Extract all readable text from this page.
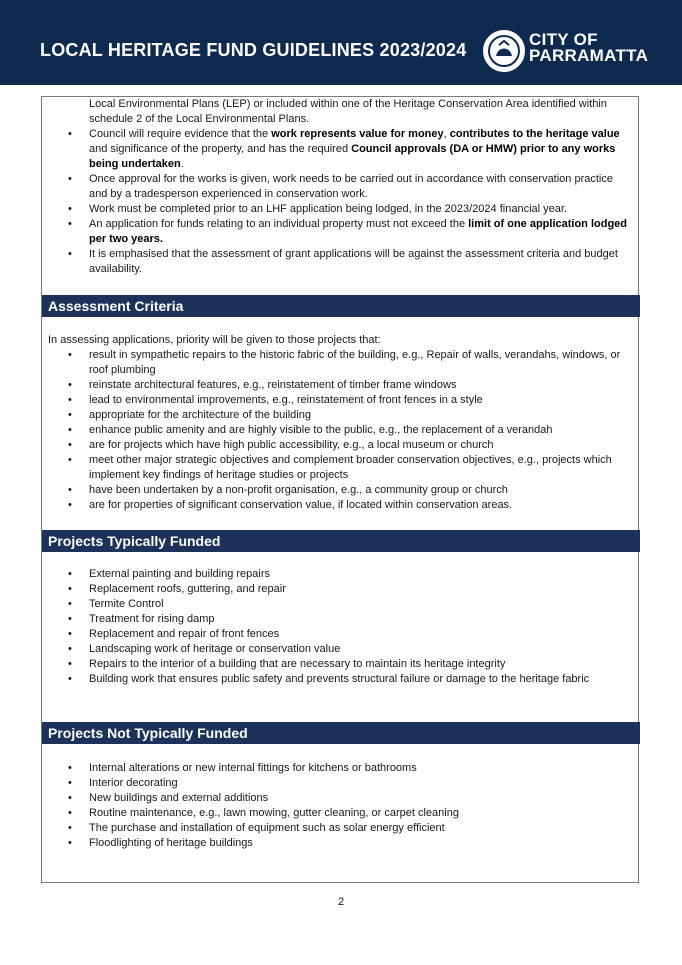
LOCAL HERITAGE FUND GUIDELINES 2023/2024
CITY OF
PARRAMATTA
Local Environmental Plans (LEP) or included within one of the Heritage Conservation Area identified within schedule 2 of the Local Environmental Plans.
• Council will require evidence that the work represents value for money, contributes to the heritage value and significance of the property, and has the required Council approvals (DA or HMW) prior to any works being undertaken.
• Once approval for the works is given, work needs to be carried out in accordance with conservation practice and by a tradesperson experienced in conservation work.
• Work must be completed prior to an LHF application being lodged, in the 2023/2024 financial year.
• An application for funds relating to an individual property must not exceed the limit of one application lodged per two years.
• It is emphasised that the assessment of grant applications will be against the assessment criteria and budget availability.
Assessment Criteria
In assessing applications, priority will be given to those projects that:
• result in sympathetic repairs to the historic fabric of the building, e.g., Repair of walls, verandahs, windows, or roof plumbing
• reinstate architectural features, e.g., reinstatement of timber frame windows
• lead to environmental improvements, e.g., reinstatement of front fences in a style
• appropriate for the architecture of the building
• enhance public amenity and are highly visible to the public, e.g., the replacement of a verandah
• are for projects which have high public accessibility, e.g., a local museum or church
• meet other major strategic objectives and complement broader conservation objectives, e.g., projects which implement key findings of heritage studies or projects
• have been undertaken by a non-profit organisation, e.g., a community group or church
• are for properties of significant conservation value, if located within conservation areas.
Projects Typically Funded
• External painting and building repairs
• Replacement roofs, guttering, and repair
• Termite Control
• Treatment for rising damp
• Replacement and repair of front fences
• Landscaping work of heritage or conservation value
• Repairs to the interior of a building that are necessary to maintain its heritage integrity
• Building work that ensures public safety and prevents structural failure or damage to the heritage fabric
Projects Not Typically Funded
• Internal alterations or new internal fittings for kitchens or bathrooms
• Interior decorating
• New buildings and external additions
• Routine maintenance, e.g., lawn mowing, gutter cleaning, or carpet cleaning
• The purchase and installation of equipment such as solar energy efficient
• Floodlighting of heritage buildings
2
